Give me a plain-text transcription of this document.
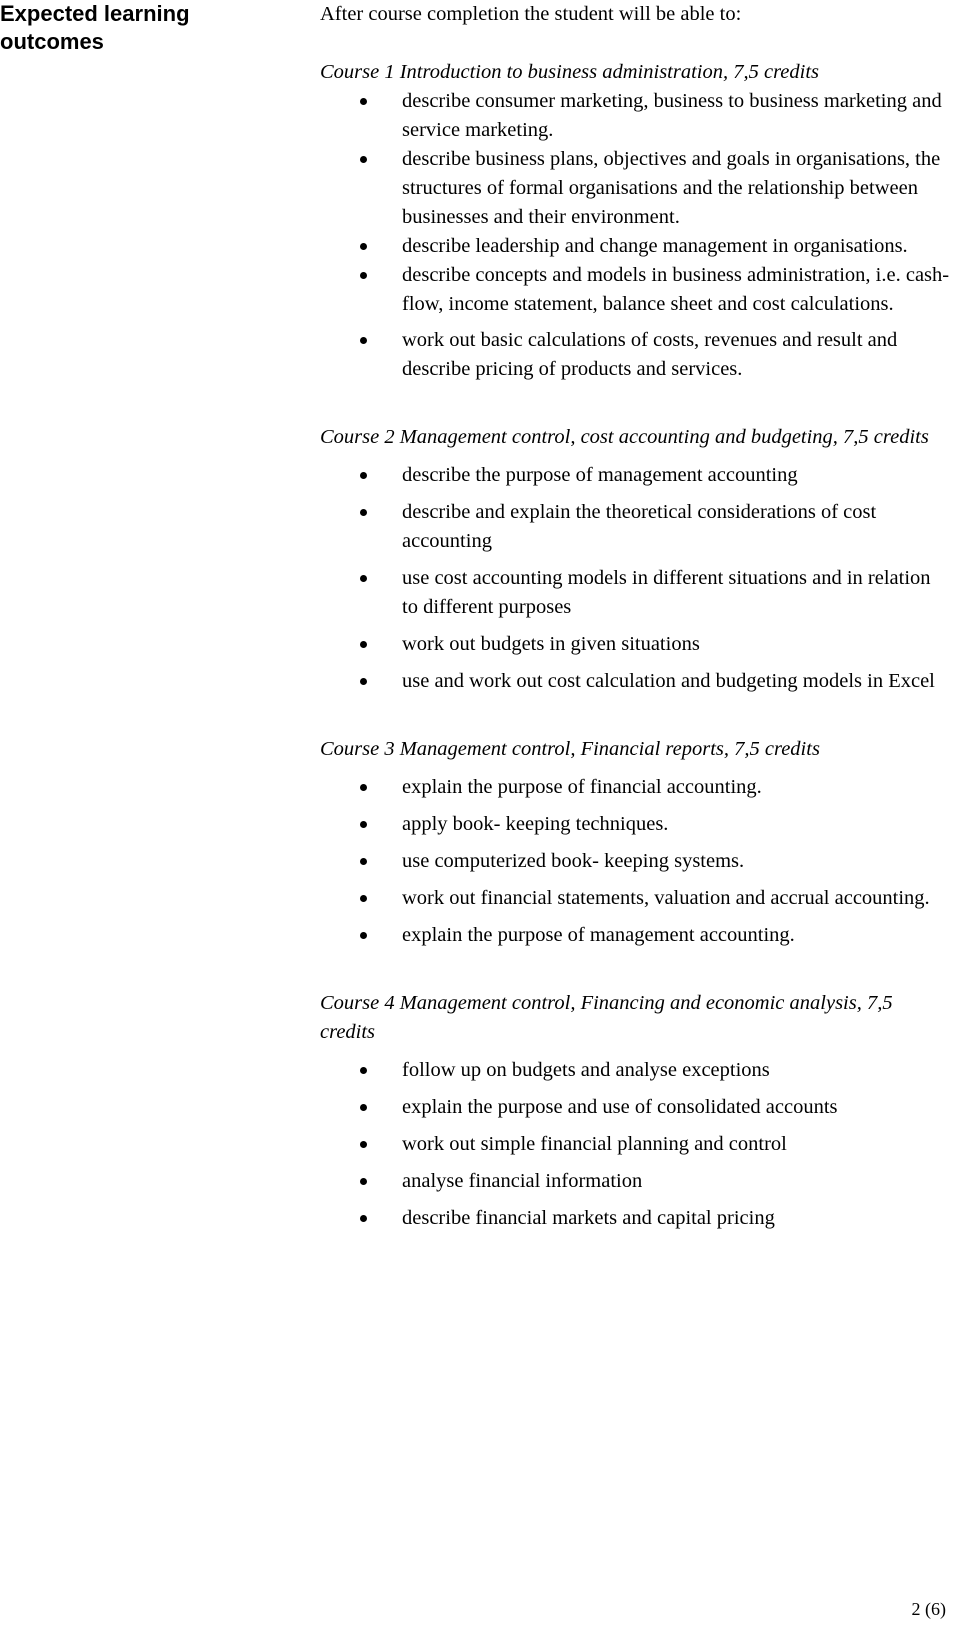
Expected learning outcomes

After course completion the student will be able to:

Course 1 Introduction to business administration, 7,5 credits

describe consumer marketing, business to business marketing and service marketing.
describe business plans, objectives and goals in organisations, the structures of formal organisations and the relationship between businesses and their environment.
describe leadership and change management in organisations.
describe concepts and models in business administration, i.e. cash-flow, income statement, balance sheet and cost calculations.
work out basic calculations of costs, revenues and result and describe pricing of products and services.

Course 2 Management control, cost accounting and budgeting, 7,5 credits

describe the purpose of management accounting
describe and explain the theoretical considerations of cost accounting
use cost accounting models in different situations and in relation to different purposes
work out budgets in given situations
use and work out cost calculation and budgeting models in Excel

Course 3 Management control, Financial reports, 7,5 credits

explain the purpose of financial accounting.
apply book- keeping techniques.
use computerized book- keeping systems.
work out financial statements, valuation and accrual accounting.
explain the purpose of management accounting.

Course 4 Management control, Financing and economic analysis, 7,5 credits

follow up on budgets and analyse exceptions
explain the purpose and use of consolidated accounts
work out simple financial planning and control
analyse financial information
describe financial markets and capital pricing

2 (6)
